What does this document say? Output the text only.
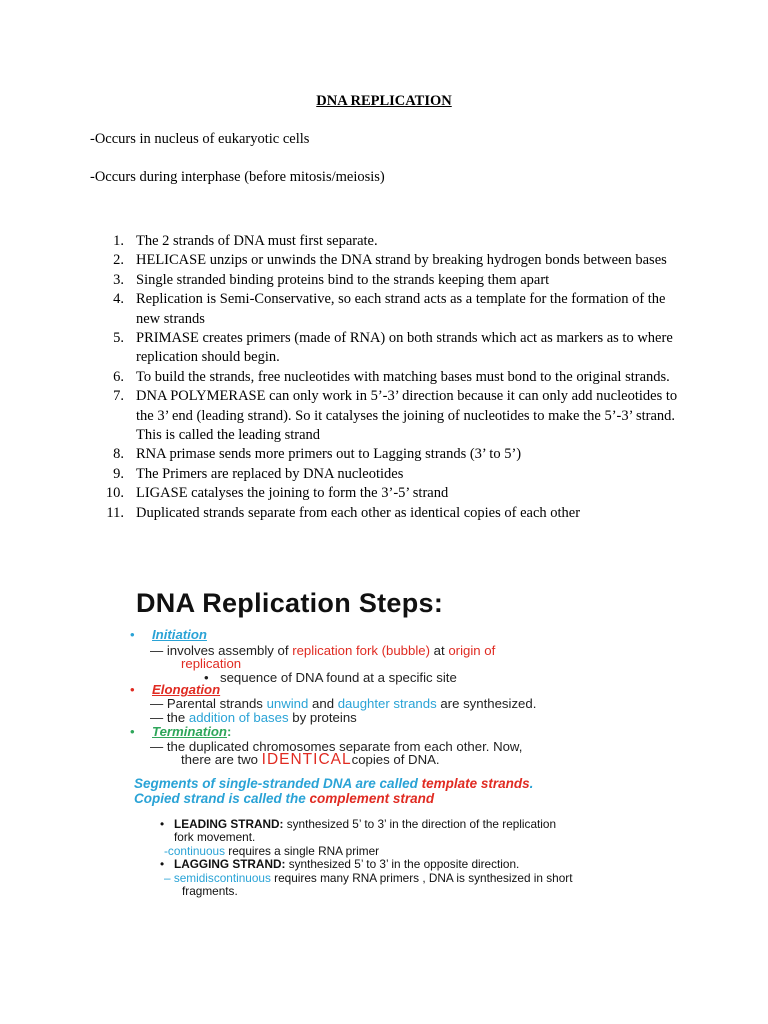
DNA REPLICATION
-Occurs in nucleus of eukaryotic cells
-Occurs during interphase (before mitosis/meiosis)
1. The 2 strands of DNA must first separate.
2. HELICASE unzips or unwinds the DNA strand by breaking hydrogen bonds between bases
3. Single stranded binding proteins bind to the strands keeping them apart
4. Replication is Semi-Conservative, so each strand acts as a template for the formation of the new strands
5. PRIMASE creates primers (made of RNA) on both strands which act as markers as to where replication should begin.
6. To build the strands, free nucleotides with matching bases must bond to the original strands.
7. DNA POLYMERASE can only work in 5’-3’ direction because it can only add nucleotides to the 3’ end (leading strand). So it catalyses the joining of nucleotides to make the 5’-3’ strand. This is called the leading strand
8. RNA primase sends more primers out to Lagging strands (3’ to 5’)
9. The Primers are replaced by DNA nucleotides
10. LIGASE catalyses the joining to form the 3’-5’ strand
11. Duplicated strands separate from each other as identical copies of each other
DNA Replication Steps:
• Initiation
— involves assembly of replication fork (bubble) at origin of
replication
• sequence of DNA found at a specific site
• Elongation
— Parental strands unwind and daughter strands are synthesized.
— the addition of bases by proteins
• Termination:
— the duplicated chromosomes separate from each other. Now,
there are two IDENTICALcopies of DNA.
Segments of single-stranded DNA are called template strands.
Copied strand is called the complement strand
• LEADING STRAND: synthesized 5’ to 3’ in the direction of the replication
fork movement.
-continuous requires a single RNA primer
• LAGGING STRAND: synthesized 5’ to 3’ in the opposite direction.
– semidiscontinuous requires many RNA primers , DNA is synthesized in short
fragments.
